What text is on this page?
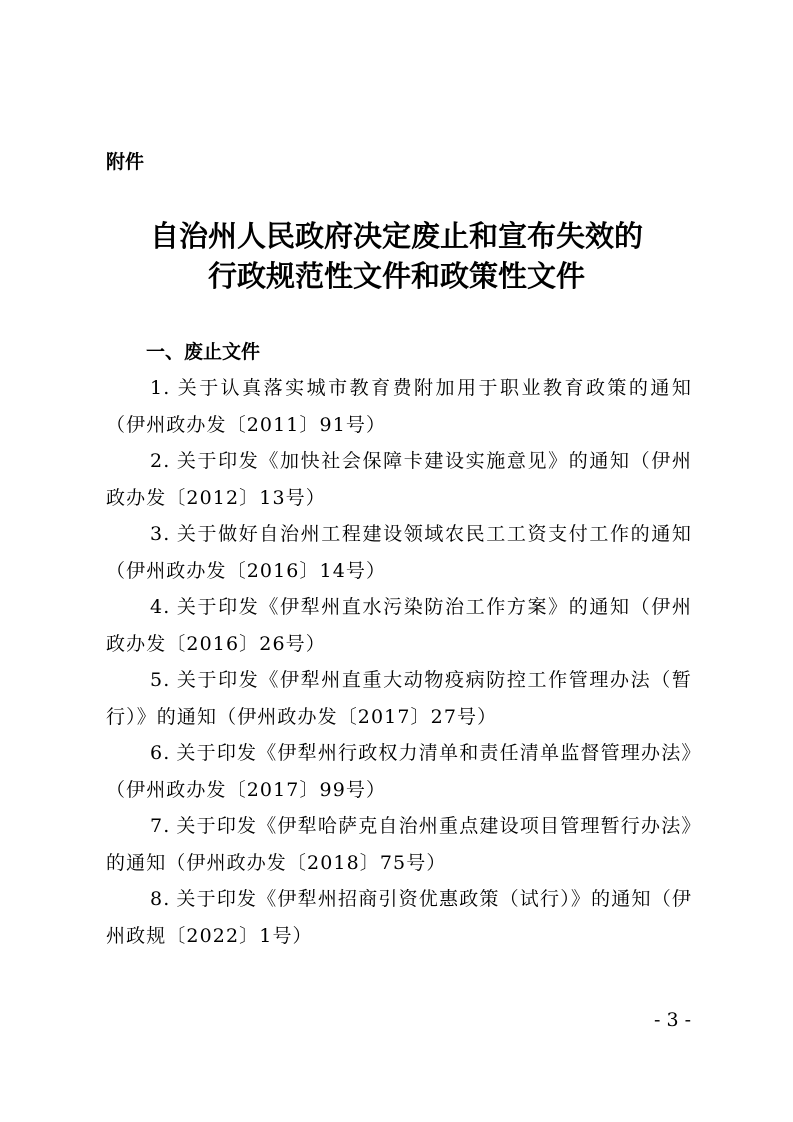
附件

自治州人民政府决定废止和宣布失效的
行政规范性文件和政策性文件

一、废止文件

1. 关于认真落实城市教育费附加用于职业教育政策的通知（伊州政办发〔2011〕91号）

2. 关于印发《加快社会保障卡建设实施意见》的通知（伊州政办发〔2012〕13号）

3. 关于做好自治州工程建设领域农民工工资支付工作的通知（伊州政办发〔2016〕14号）

4. 关于印发《伊犁州直水污染防治工作方案》的通知（伊州政办发〔2016〕26号）

5. 关于印发《伊犁州直重大动物疫病防控工作管理办法（暂行）》的通知（伊州政办发〔2017〕27号）

6. 关于印发《伊犁州行政权力清单和责任清单监督管理办法》（伊州政办发〔2017〕99号）

7. 关于印发《伊犁哈萨克自治州重点建设项目管理暂行办法》的通知（伊州政办发〔2018〕75号）

8. 关于印发《伊犁州招商引资优惠政策（试行）》的通知（伊州政规〔2022〕1号）

- 3 -
